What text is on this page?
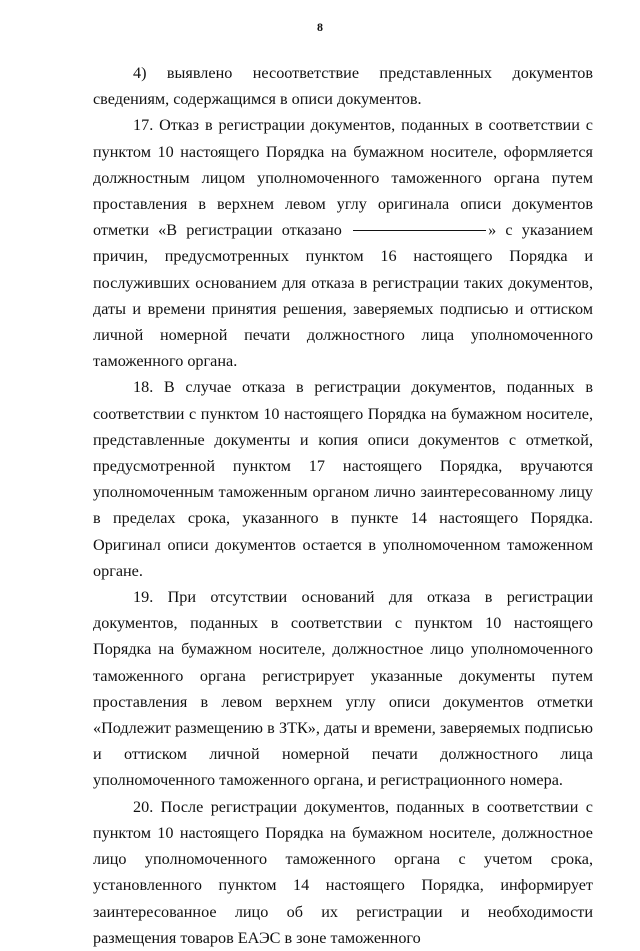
8

4) выявлено несоответствие представленных документов сведениям, содержащимся в описи документов.

17. Отказ в регистрации документов, поданных в соответствии с пунктом 10 настоящего Порядка на бумажном носителе, оформляется должностным лицом уполномоченного таможенного органа путем проставления в верхнем левом углу оригинала описи документов отметки «В регистрации отказано	» с указанием причин, предусмотренных пунктом 16 настоящего Порядка и послуживших основанием для отказа в регистрации таких документов, даты и времени принятия решения, заверяемых подписью и оттиском личной номерной печати должностного лица уполномоченного таможенного органа.

18. В случае отказа в регистрации документов, поданных в соответствии с пунктом 10 настоящего Порядка на бумажном носителе, представленные документы и копия описи документов с отметкой, предусмотренной пунктом 17 настоящего Порядка, вручаются уполномоченным таможенным органом лично заинтересованному лицу в пределах срока, указанного в пункте 14 настоящего Порядка. Оригинал описи документов остается в уполномоченном таможенном органе.

19. При отсутствии оснований для отказа в регистрации документов, поданных в соответствии с пунктом 10 настоящего Порядка на бумажном носителе, должностное лицо уполномоченного таможенного органа регистрирует указанные документы путем проставления в левом верхнем углу описи документов отметки «Подлежит размещению в ЗТК», даты и времени, заверяемых подписью и оттиском личной номерной печати должностного лица уполномоченного таможенного органа, и регистрационного номера.

20. После регистрации документов, поданных в соответствии с пунктом 10 настоящего Порядка на бумажном носителе, должностное лицо уполномоченного таможенного органа с учетом срока, установленного пунктом 14 настоящего Порядка, информирует заинтересованное лицо об их регистрации и необходимости размещения товаров ЕАЭС в зоне таможенного
